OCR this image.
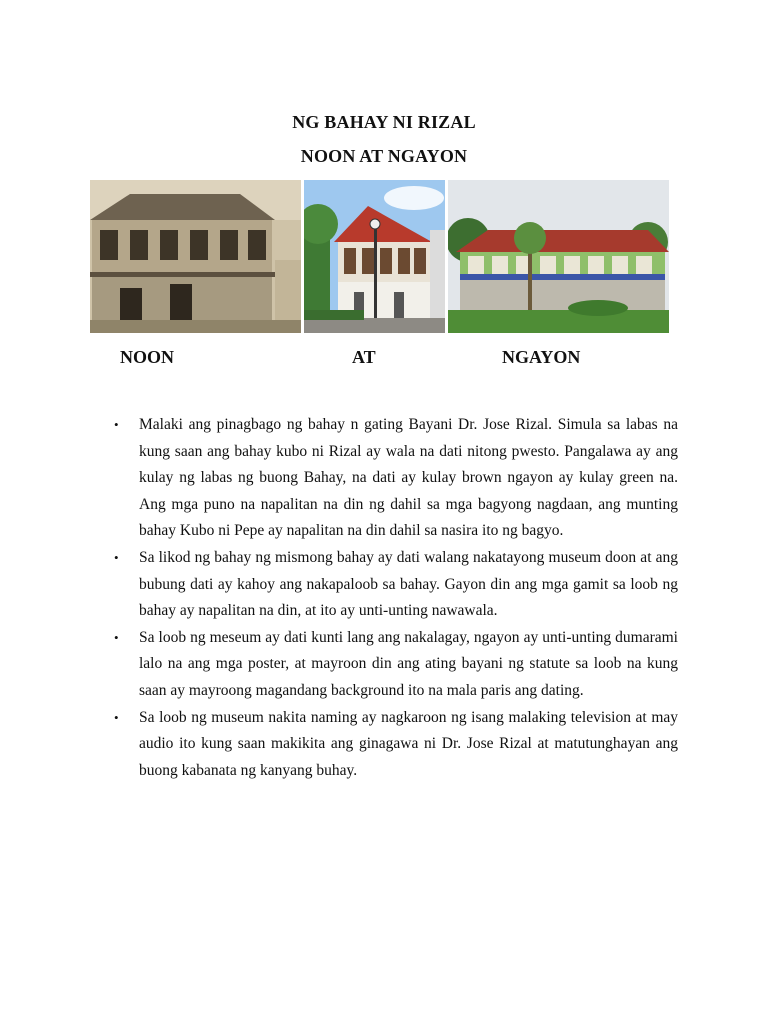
NG BAHAY NI RIZAL
NOON AT NGAYON
NOON	AT	NGAYON
• Malaki ang pinagbago ng bahay n gating Bayani Dr. Jose Rizal. Simula sa labas na kung saan ang bahay kubo ni Rizal ay wala na dati nitong pwesto. Pangalawa ay ang kulay ng labas ng buong Bahay, na dati ay kulay brown ngayon ay kulay green na. Ang mga puno na napalitan na din ng dahil sa mga bagyong nagdaan, ang munting bahay Kubo ni Pepe ay napalitan na din dahil sa nasira ito ng bagyo.
• Sa likod ng bahay ng mismong bahay ay dati walang nakatayong museum doon at ang bubung dati ay kahoy ang nakapaloob sa bahay. Gayon din ang mga gamit sa loob ng bahay ay napalitan na din, at ito ay unti-unting nawawala.
• Sa loob ng meseum ay dati kunti lang ang nakalagay, ngayon ay unti-unting dumarami lalo na ang mga poster, at mayroon din ang ating bayani ng statute sa loob na kung saan ay mayroong magandang background ito na mala paris ang dating.
• Sa loob ng museum nakita naming ay nagkaroon ng isang malaking television at may audio ito kung saan makikita ang ginagawa ni Dr. Jose Rizal at matutunghayan ang buong kabanata ng kanyang buhay.
